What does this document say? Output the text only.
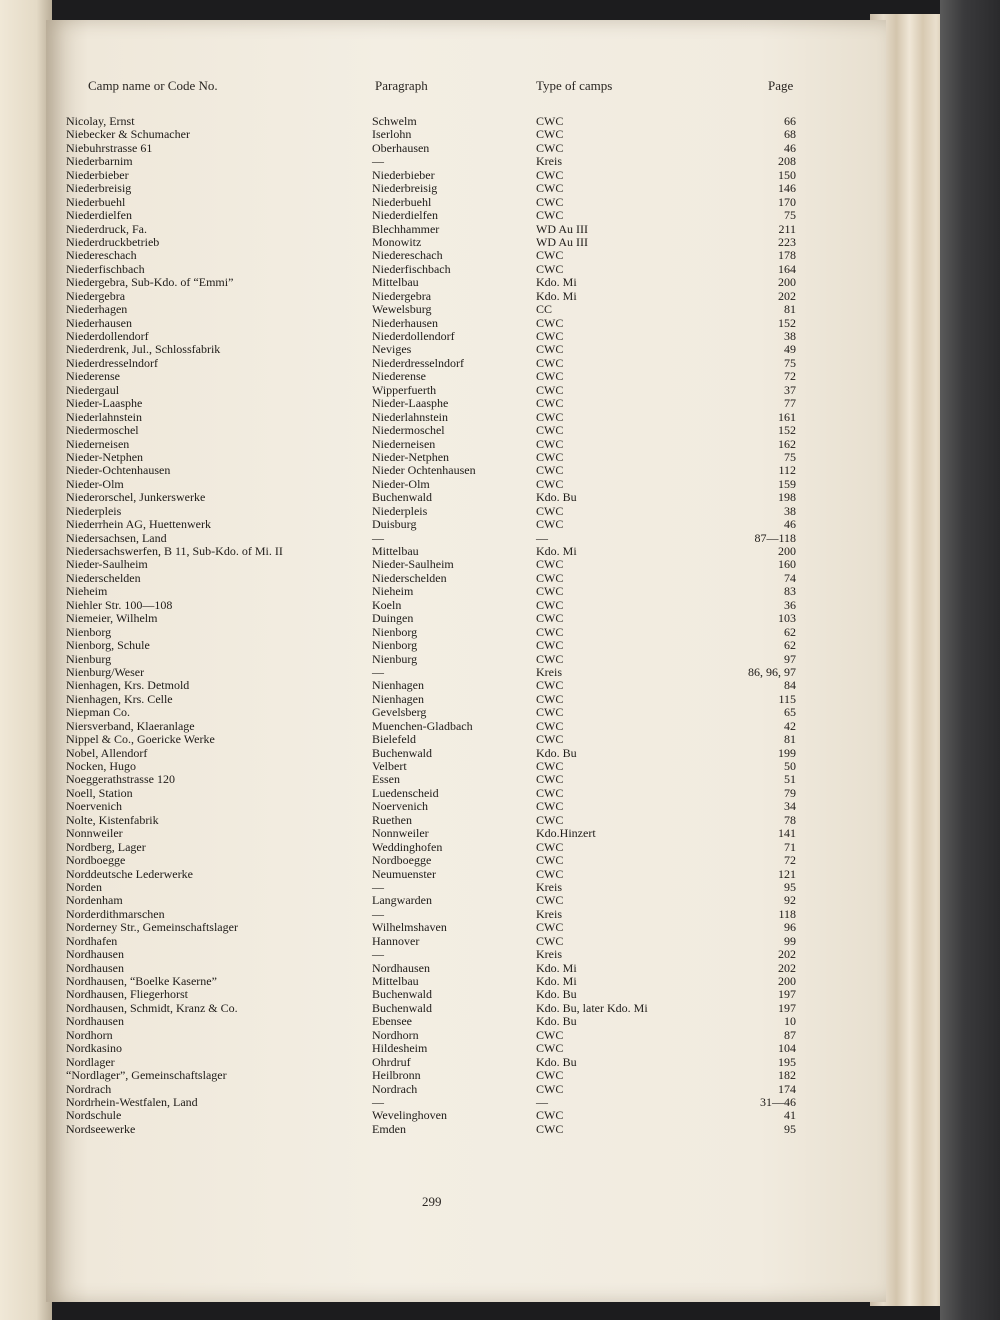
Camp name or Code No.	Paragraph	Type of camps	Page
Nicolay, Ernst	Schwelm	CWC	66
Niebecker & Schumacher	Iserlohn	CWC	68
Niebuhrstrasse 61	Oberhausen	CWC	46
Niederbarnim	—	Kreis	208
Niederbieber	Niederbieber	CWC	150
Niederbreisig	Niederbreisig	CWC	146
Niederbuehl	Niederbuehl	CWC	170
Niederdielfen	Niederdielfen	CWC	75
Niederdruck, Fa.	Blechhammer	WD Au III	211
Niederdruckbetrieb	Monowitz	WD Au III	223
Niedereschach	Niedereschach	CWC	178
Niederfischbach	Niederfischbach	CWC	164
Niedergebra, Sub-Kdo. of “Emmi”	Mittelbau	Kdo. Mi	200
Niedergebra	Niedergebra	Kdo. Mi	202
Niederhagen	Wewelsburg	CC	81
Niederhausen	Niederhausen	CWC	152
Niederdollendorf	Niederdollendorf	CWC	38
Niederdrenk, Jul., Schlossfabrik	Neviges	CWC	49
Niederdresselndorf	Niederdresselndorf	CWC	75
Niederense	Niederense	CWC	72
Niedergaul	Wipperfuerth	CWC	37
Nieder-Laasphe	Nieder-Laasphe	CWC	77
Niederlahnstein	Niederlahnstein	CWC	161
Niedermoschel	Niedermoschel	CWC	152
Niederneisen	Niederneisen	CWC	162
Nieder-Netphen	Nieder-Netphen	CWC	75
Nieder-Ochtenhausen	Nieder Ochtenhausen	CWC	112
Nieder-Olm	Nieder-Olm	CWC	159
Niederorschel, Junkerswerke	Buchenwald	Kdo. Bu	198
Niederpleis	Niederpleis	CWC	38
Niederrhein AG, Huettenwerk	Duisburg	CWC	46
Niedersachsen, Land	—	—	87—118
Niedersachswerfen, B 11, Sub-Kdo. of Mi. II	Mittelbau	Kdo. Mi	200
Nieder-Saulheim	Nieder-Saulheim	CWC	160
Niederschelden	Niederschelden	CWC	74
Nieheim	Nieheim	CWC	83
Niehler Str. 100—108	Koeln	CWC	36
Niemeier, Wilhelm	Duingen	CWC	103
Nienborg	Nienborg	CWC	62
Nienborg, Schule	Nienborg	CWC	62
Nienburg	Nienburg	CWC	97
Nienburg/Weser	—	Kreis	86, 96, 97
Nienhagen, Krs. Detmold	Nienhagen	CWC	84
Nienhagen, Krs. Celle	Nienhagen	CWC	115
Niepman Co.	Gevelsberg	CWC	65
Niersverband, Klaeranlage	Muenchen-Gladbach	CWC	42
Nippel & Co., Goericke Werke	Bielefeld	CWC	81
Nobel, Allendorf	Buchenwald	Kdo. Bu	199
Nocken, Hugo	Velbert	CWC	50
Noeggerathstrasse 120	Essen	CWC	51
Noell, Station	Luedenscheid	CWC	79
Noervenich	Noervenich	CWC	34
Nolte, Kistenfabrik	Ruethen	CWC	78
Nonnweiler	Nonnweiler	Kdo.Hinzert	141
Nordberg, Lager	Weddinghofen	CWC	71
Nordboegge	Nordboegge	CWC	72
Norddeutsche Lederwerke	Neumuenster	CWC	121
Norden	—	Kreis	95
Nordenham	Langwarden	CWC	92
Norderdithmarschen	—	Kreis	118
Norderney Str., Gemeinschaftslager	Wilhelmshaven	CWC	96
Nordhafen	Hannover	CWC	99
Nordhausen	—	Kreis	202
Nordhausen	Nordhausen	Kdo. Mi	202
Nordhausen, “Boelke Kaserne”	Mittelbau	Kdo. Mi	200
Nordhausen, Fliegerhorst	Buchenwald	Kdo. Bu	197
Nordhausen, Schmidt, Kranz & Co.	Buchenwald	Kdo. Bu, later Kdo. Mi	197
Nordhausen	Ebensee	Kdo. Bu	10
Nordhorn	Nordhorn	CWC	87
Nordkasino	Hildesheim	CWC	104
Nordlager	Ohrdruf	Kdo. Bu	195
“Nordlager”, Gemeinschaftslager	Heilbronn	CWC	182
Nordrach	Nordrach	CWC	174
Nordrhein-Westfalen, Land	—	—	31—46
Nordschule	Wevelinghoven	CWC	41
Nordseewerke	Emden	CWC	95
299
